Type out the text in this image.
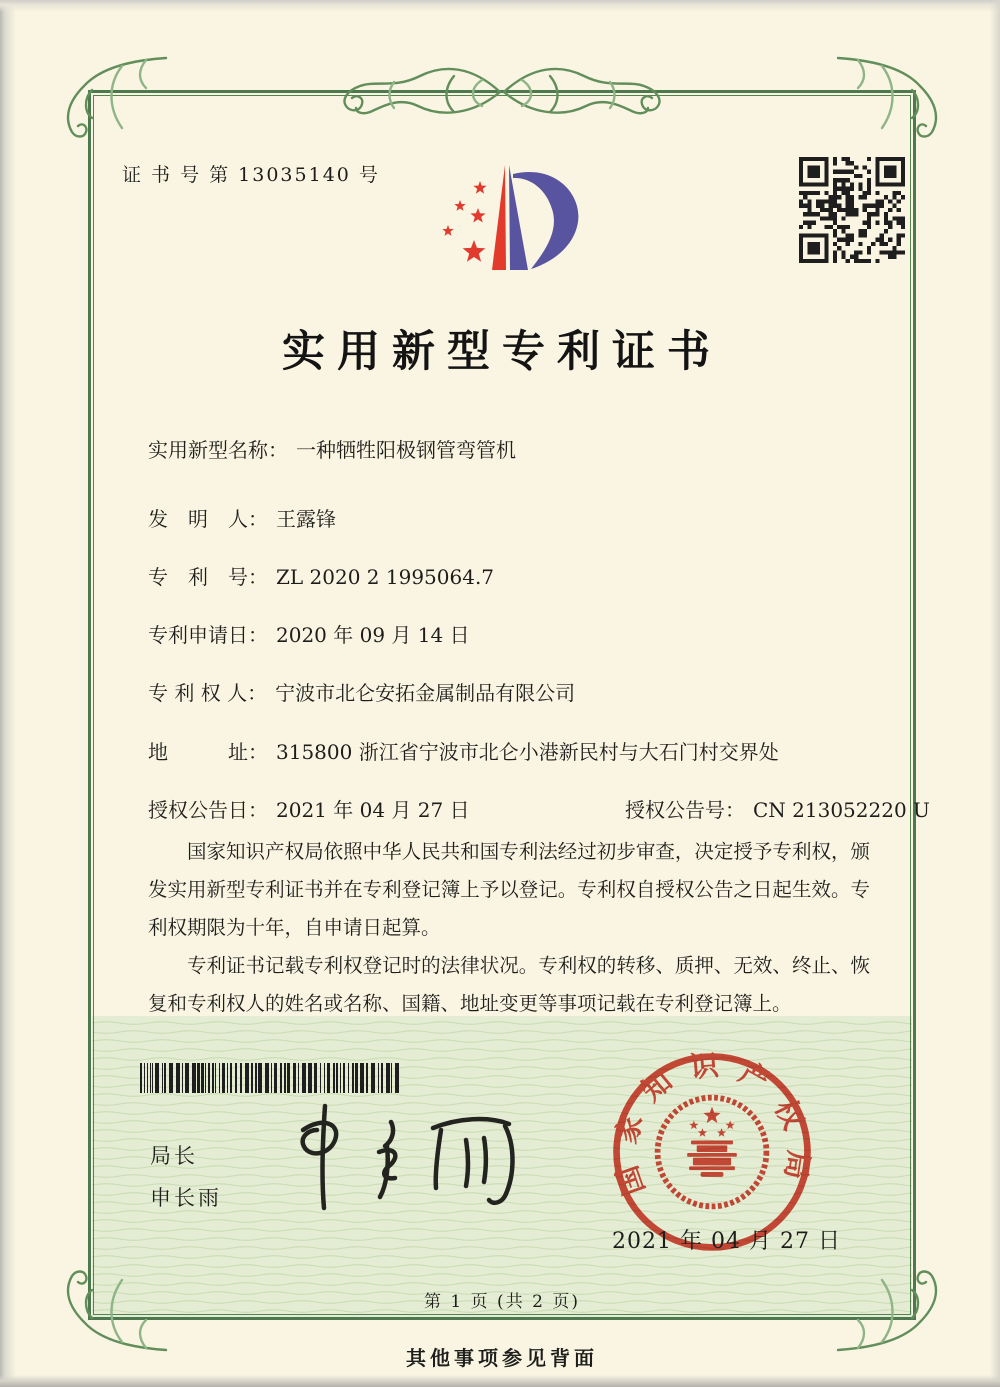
证 书 号 第 13035140 号
实用新型专利证书
实用新型名称： 一种牺牲阳极钢管弯管机
发　明　人： 王露锋
专　利　号： ZL 2020 2 1995064.7
专利申请日： 2020 年 09 月 14 日
专 利 权 人： 宁波市北仑安拓金属制品有限公司
地　　　址： 315800 浙江省宁波市北仑小港新民村与大石门村交界处
授权公告日： 2021 年 04 月 27 日	授权公告号： CN 213052220 U

国家知识产权局依照中华人民共和国专利法经过初步审查，决定授予专利权，颁发实用新型专利证书并在专利登记簿上予以登记。专利权自授权公告之日起生效。专利权期限为十年，自申请日起算。

专利证书记载专利权登记时的法律状况。专利权的转移、质押、无效、终止、恢复和专利权人的姓名或名称、国籍、地址变更等事项记载在专利登记簿上。

局长
申长雨	国家知识产权局
2021 年 04 月 27 日
第 1 页 (共 2 页)
其他事项参见背面
